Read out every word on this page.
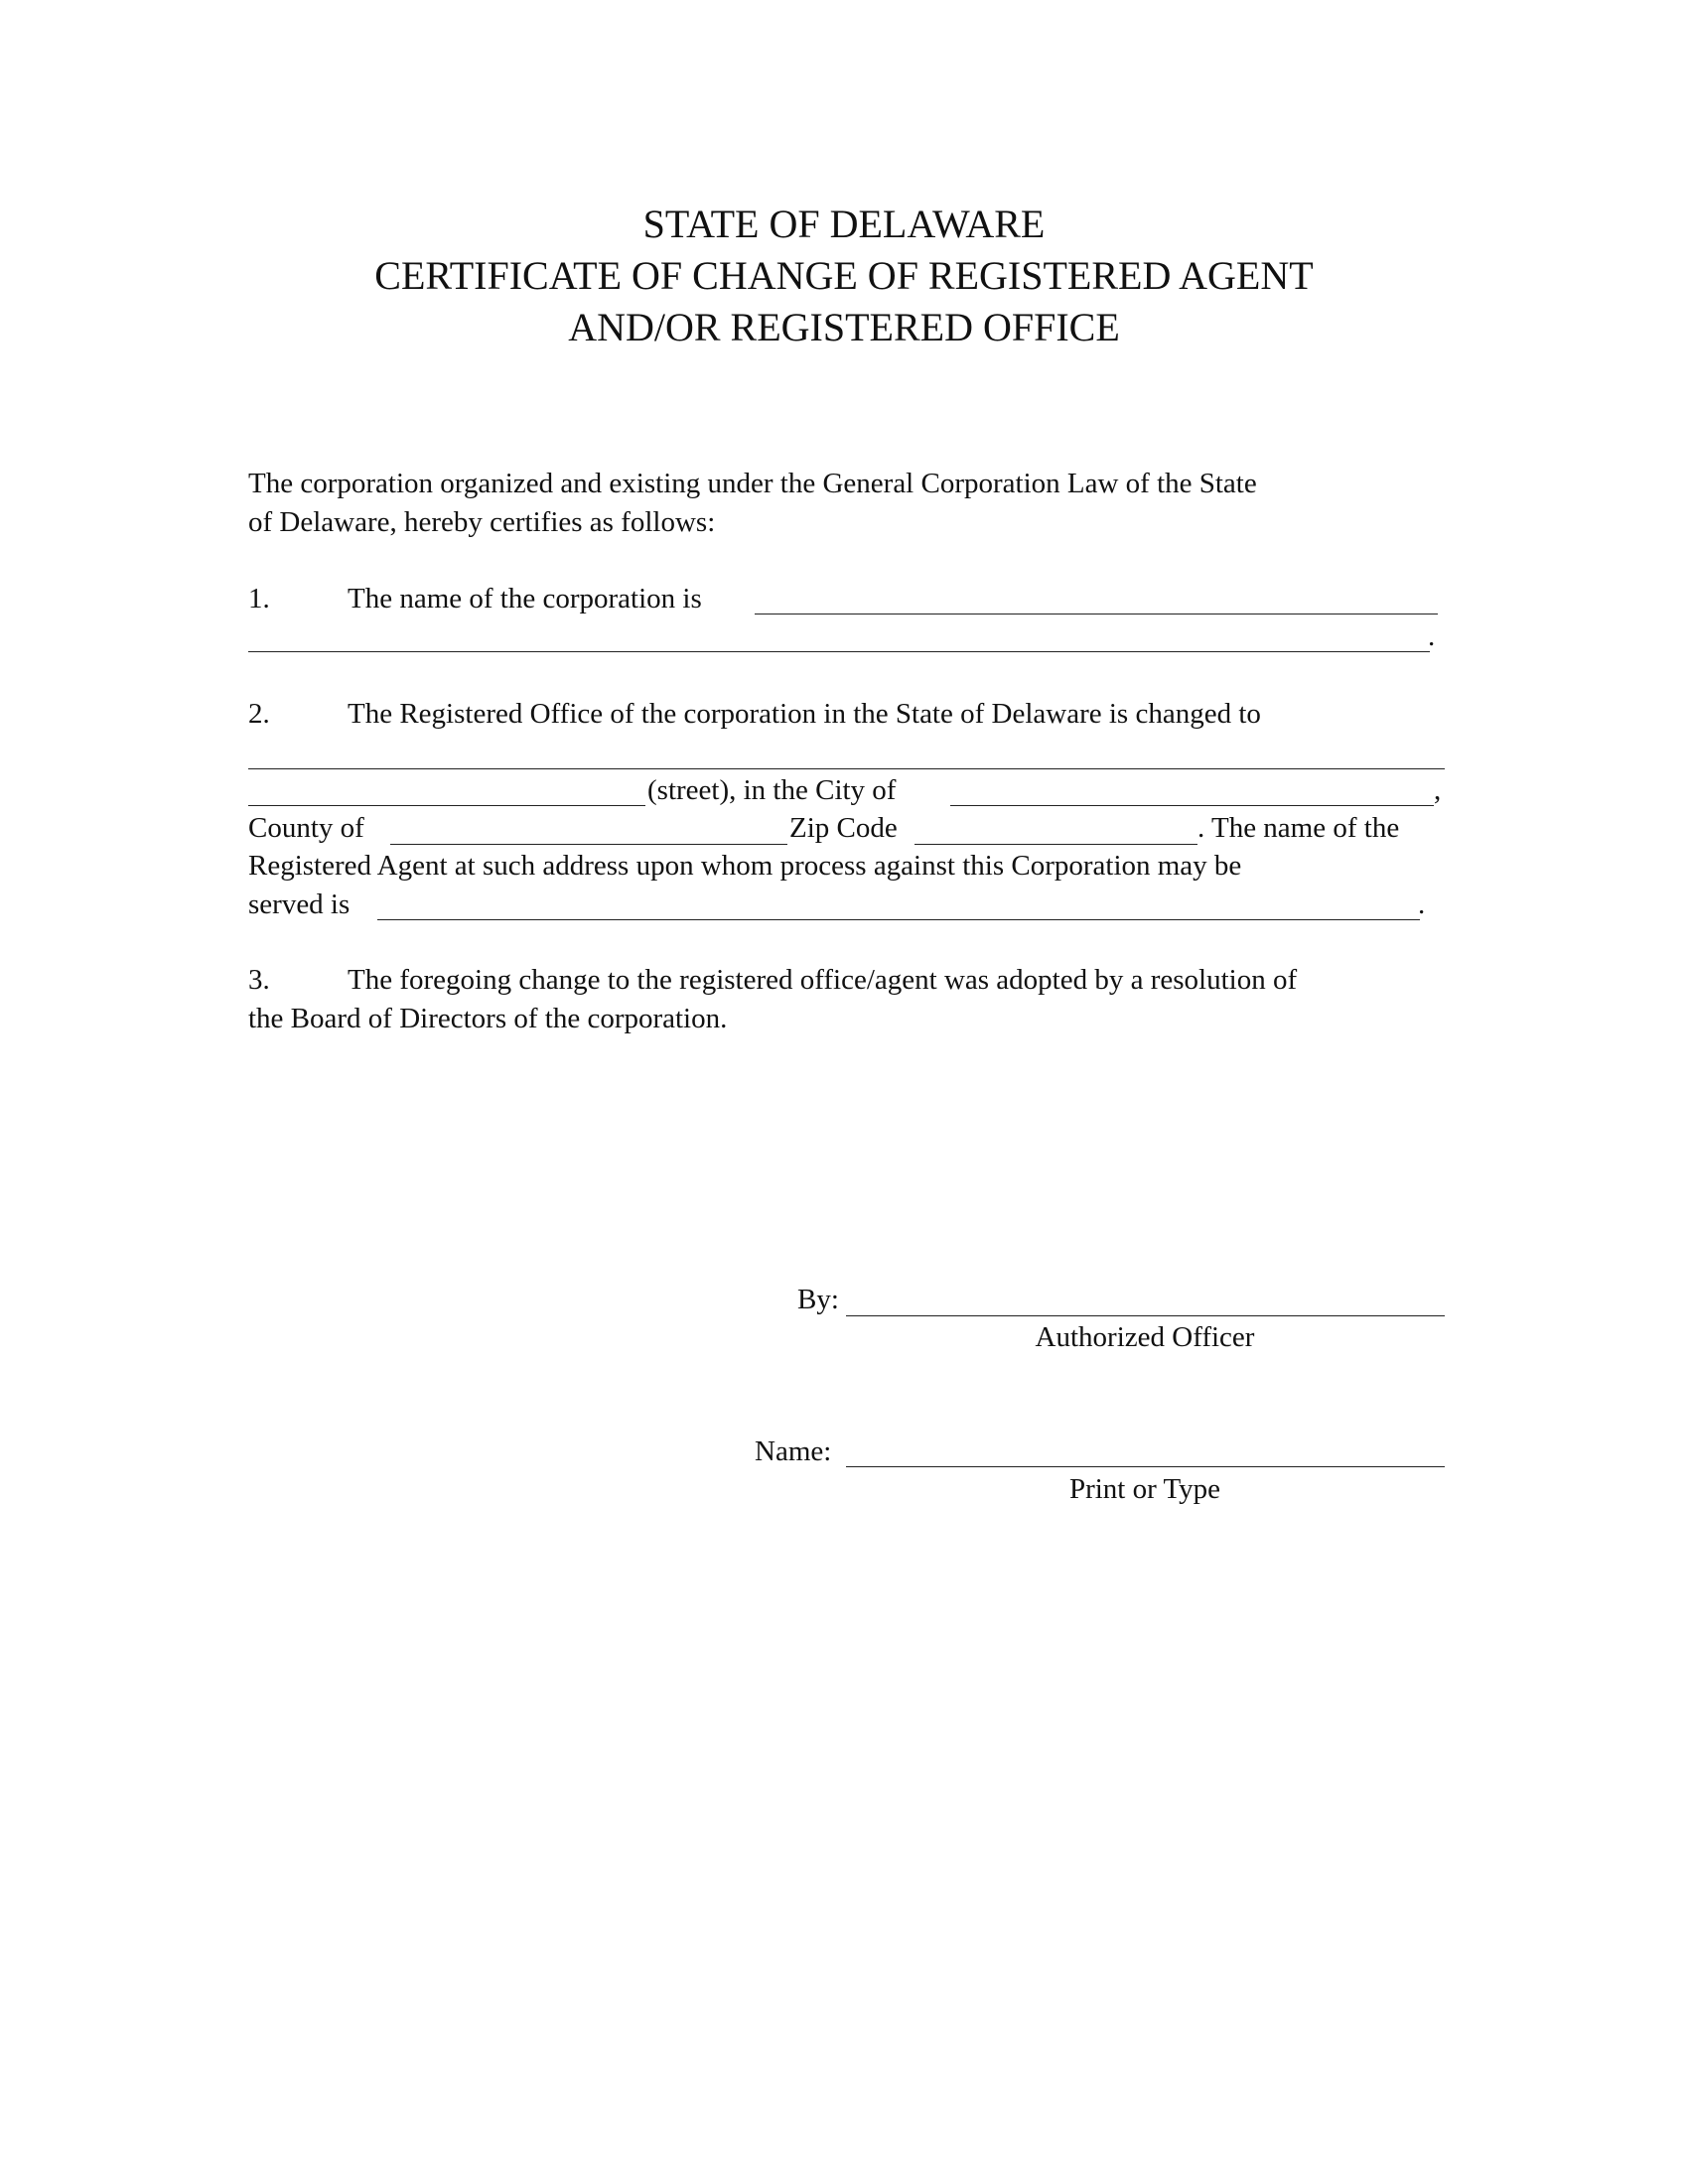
STATE OF DELAWARE
CERTIFICATE OF CHANGE OF REGISTERED AGENT
AND/OR REGISTERED OFFICE
The corporation organized and existing under the General Corporation Law of the State
of Delaware, hereby certifies as follows:
1.	The name of the corporation is
.
2.	The Registered Office of the corporation in the State of Delaware is changed to
(street), in the City of	,
County of	Zip Code	. The name of the
Registered Agent at such address upon whom process against this Corporation may be
served is	.
3.	The foregoing change to the registered office/agent was adopted by a resolution of
the Board of Directors of the corporation.
By:
Authorized Officer
Name:
Print or Type
